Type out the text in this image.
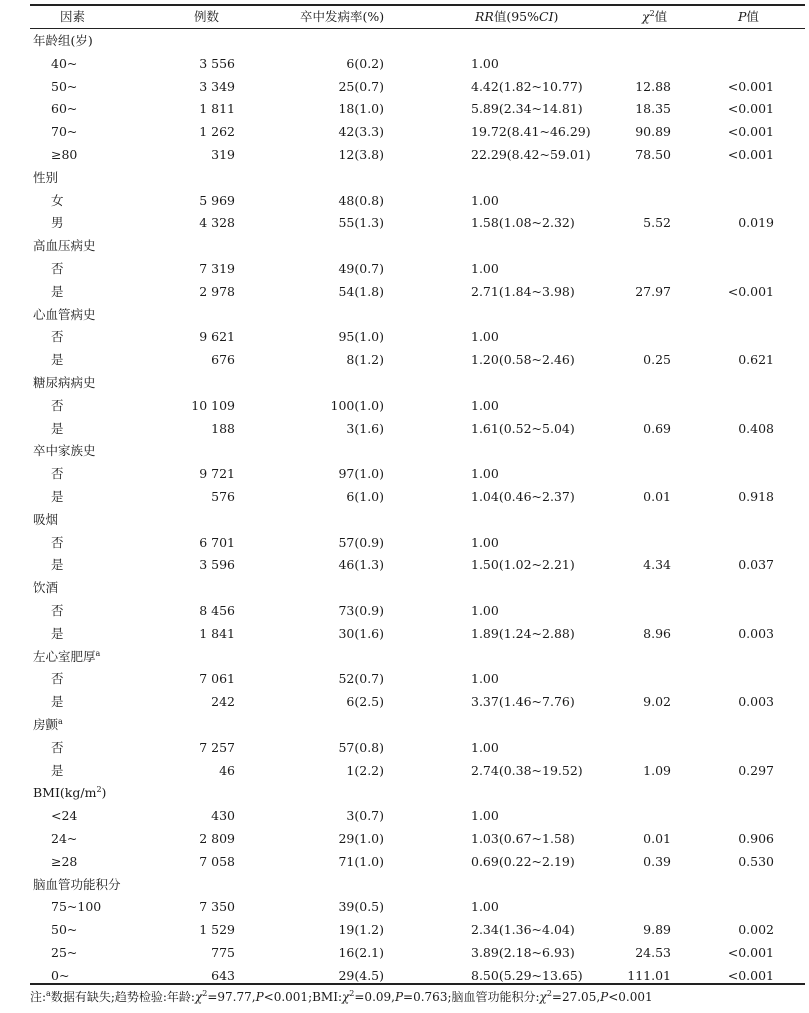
因素	例数	卒中发病率(%)	RR值(95%CI)	$\chi^2$值	P值
年龄组(岁)
40~	3 556	6(0.2)	1.00
50~	3 349	25(0.7)	4.42(1.82~10.77)	12.88	<0.001
60~	1 811	18(1.0)	5.89(2.34~14.81)	18.35	<0.001
70~	1 262	42(3.3)	19.72(8.41~46.29)	90.89	<0.001
≥80	319	12(3.8)	22.29(8.42~59.01)	78.50	<0.001
性别
女	5 969	48(0.8)	1.00
男	4 328	55(1.3)	1.58(1.08~2.32)	5.52	0.019
高血压病史
否	7 319	49(0.7)	1.00
是	2 978	54(1.8)	2.71(1.84~3.98)	27.97	<0.001
心血管病史
否	9 621	95(1.0)	1.00
是	676	8(1.2)	1.20(0.58~2.46)	0.25	0.621
糖尿病病史
否	10 109	100(1.0)	1.00
是	188	3(1.6)	1.61(0.52~5.04)	0.69	0.408
卒中家族史
否	9 721	97(1.0)	1.00
是	576	6(1.0)	1.04(0.46~2.37)	0.01	0.918
吸烟
否	6 701	57(0.9)	1.00
是	3 596	46(1.3)	1.50(1.02~2.21)	4.34	0.037
饮酒
否	8 456	73(0.9)	1.00
是	1 841	30(1.6)	1.89(1.24~2.88)	8.96	0.003
左心室肥厚$^a$
否	7 061	52(0.7)	1.00
是	242	6(2.5)	3.37(1.46~7.76)	9.02	0.003
房颤$^a$
否	7 257	57(0.8)	1.00
是	46	1(2.2)	2.74(0.38~19.52)	1.09	0.297
$BMI(kg/m^2)$
<24	430	3(0.7)	1.00
24~	2 809	29(1.0)	1.03(0.67~1.58)	0.01	0.906
≥28	7 058	71(1.0)	0.69(0.22~2.19)	0.39	0.530
脑血管功能积分
75~100	7 350	39(0.5)	1.00
50~	1 529	19(1.2)	2.34(1.36~4.04)	9.89	0.002
25~	775	16(2.1)	3.89(2.18~6.93)	24.53	<0.001
0~	643	29(4.5)	8.50(5.29~13.65)	111.01	<0.001
注:$^a$数据有缺失;趋势检验:年龄$:\chi^2=97.77,P<0.001;BMI:\chi^2=0.09,P=0.763$;脑血管功能积分$:\chi^2=27.05,P<0.001$
